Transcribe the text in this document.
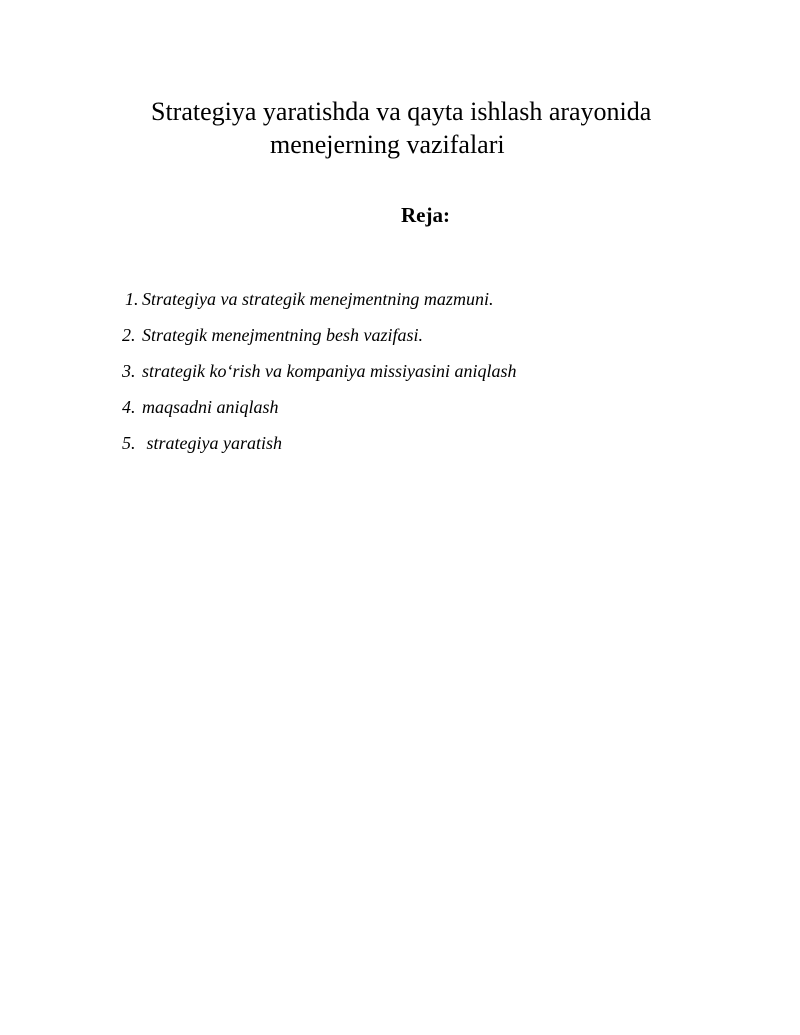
Strategiya yaratishda va qayta ishlash arayonida
menejerning vazifalari
Reja:
1. Strategiya va strategik menejmentning mazmuni.
2. Strategik menejmentning besh vazifasi.
3. strategik ko‘rish va kompaniya missiyasini aniqlash
4. maqsadni aniqlash
5. strategiya yaratish
